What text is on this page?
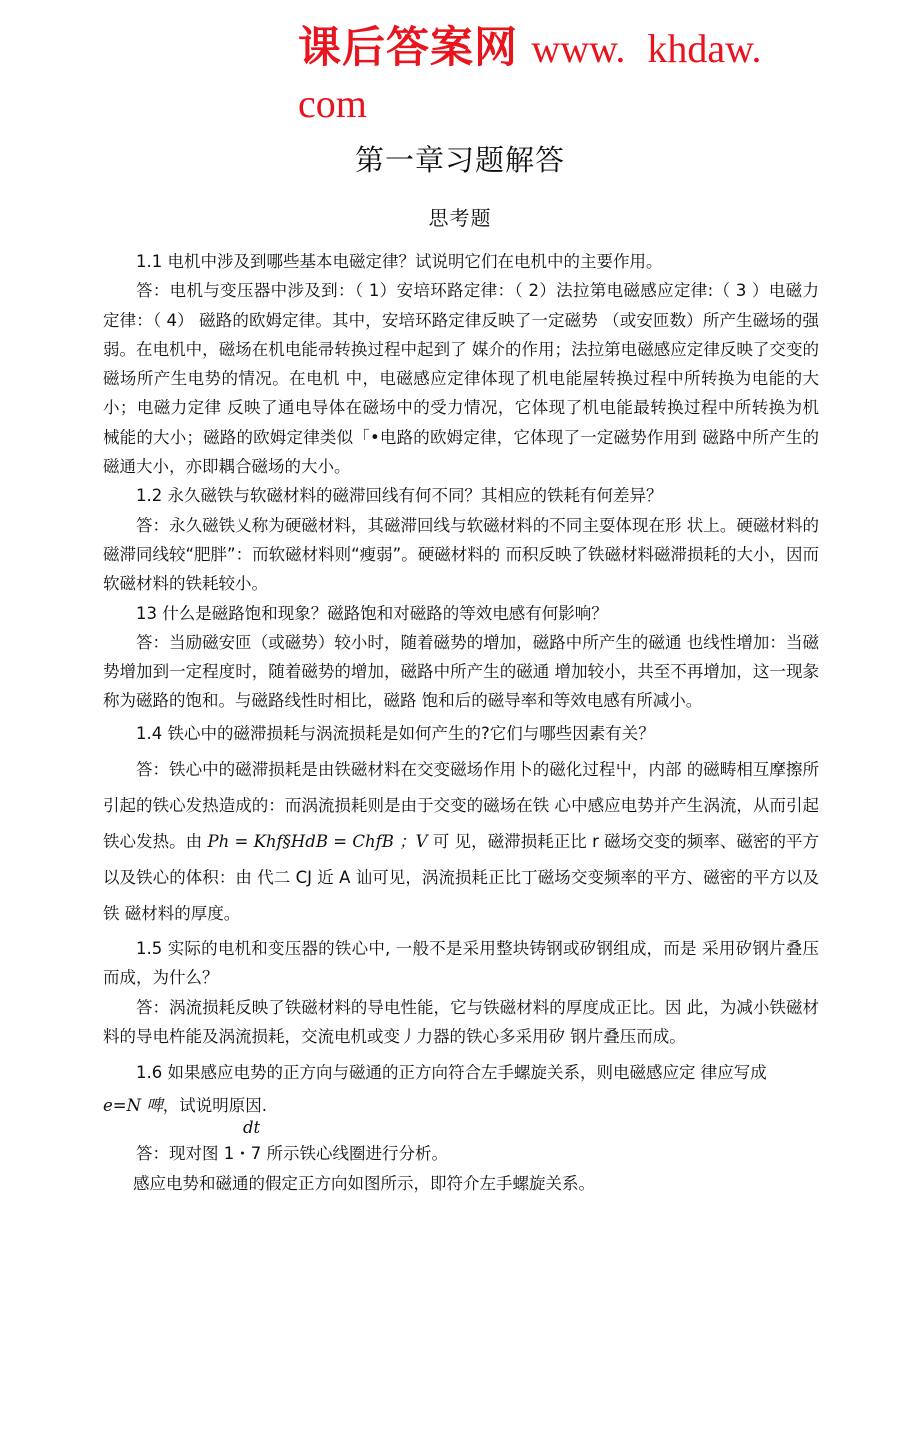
课后答案网 www. khdaw.
com
第一章习题解答
思考题

1.1 电机中涉及到哪些基本电磁定律？试说明它们在电机中的主要作用。

答：电机与变压器中涉及到：（ 1）安培环路定律：（ 2）法拉第电磁感应定律:（ 3 ）电磁力定律：（ 4） 磁路的欧姆定律。其中，安培环路定律反映了一定磁势 （或安匝数）所产生磁场的强弱。在电机中，磁场在机电能帚转换过程中起到了 媒介的作用；法拉第电磁感应定律反映了交变的磁场所产生电势的情况。在电机 中，电磁感应定律体现了机电能屋转换过程中所转换为电能的大小；电磁力定律 反映了通电导体在磁场中的受力情况，它体现了机电能最转换过程中所转换为机 械能的大小；磁路的欧姆定律类似「•电路的欧姆定律，它体现了一定磁势作用到 磁路中所产生的磁通大小，亦即耦合磁场的大小。

1.2 永久磁铁与软磁材料的磁滞回线有何不同？其相应的铁耗有何差异？

答：永久磁铁乂称为硬磁材料，其磁滞回线与软磁材料的不同主耍体现在形 状上。硬磁材料的磁滞同线较“肥胖”：而软磁材料则“瘦弱”。硬磁材料的 而积反映了铁磁材料磁滞损耗的大小，因而软磁材料的铁耗较小。

13 什么是磁路饱和现象？磁路饱和对磁路的等效电感有何影响？

答：当励磁安匝（或磁势）较小时，随着磁势的增加，磁路中所产生的磁通 也线性增加：当磁势增加到一定程度时，随着磁势的增加，磁路中所产生的磁通 增加较小，共至不再增加，这一现彖称为磁路的饱和。与磁路线性时相比，磁路 饱和后的磁导率和等效电感有所减小。

1.4 铁心中的磁滞损耗与涡流损耗是如何产生的?它们与哪些因素有关？

答：铁心中的磁滞损耗是由铁磁材料在交变磁场作用卜的磁化过程屮，内部 的磁畴相互摩擦所引起的铁心发热造成的：而涡流损耗则是由于交变的磁场在铁 心中感应电势并产生涡流，从而引起铁心发热。由 Ph = Khf§HdB = ChfB ；V 可 见，磁滞损耗正比 r 磁场交变的频率、磁密的平方以及铁心的体积：由 代二 CJ 近 A 讪可见，涡流损耗正比丁磁场交变频率的平方、磁密的平方以及铁 磁材料的厚度。

1.5 实际的电机和变压器的铁心中, 一般不是采用整块铸钢或矽钢组成，而是 采用矽钢片叠压而成，为什么？

答：涡流损耗反映了铁磁材料的导电性能，它与铁磁材料的厚度成正比。因 此，为减小铁磁材料的导电杵能及涡流损耗，交流电机或变丿力器的铁心多采用矽 钢片叠压而成。

1.6 如果感应电势的正方向与磁通的正方向符合左手螺旋关系，则电磁感应定 律应写成

e=N 啤，试说明原因.
dt

答：现对图 1・7 所示铁心线圈进行分析。

感应电势和磁通的假定正方向如图所示，即符介左手螺旋关系。
